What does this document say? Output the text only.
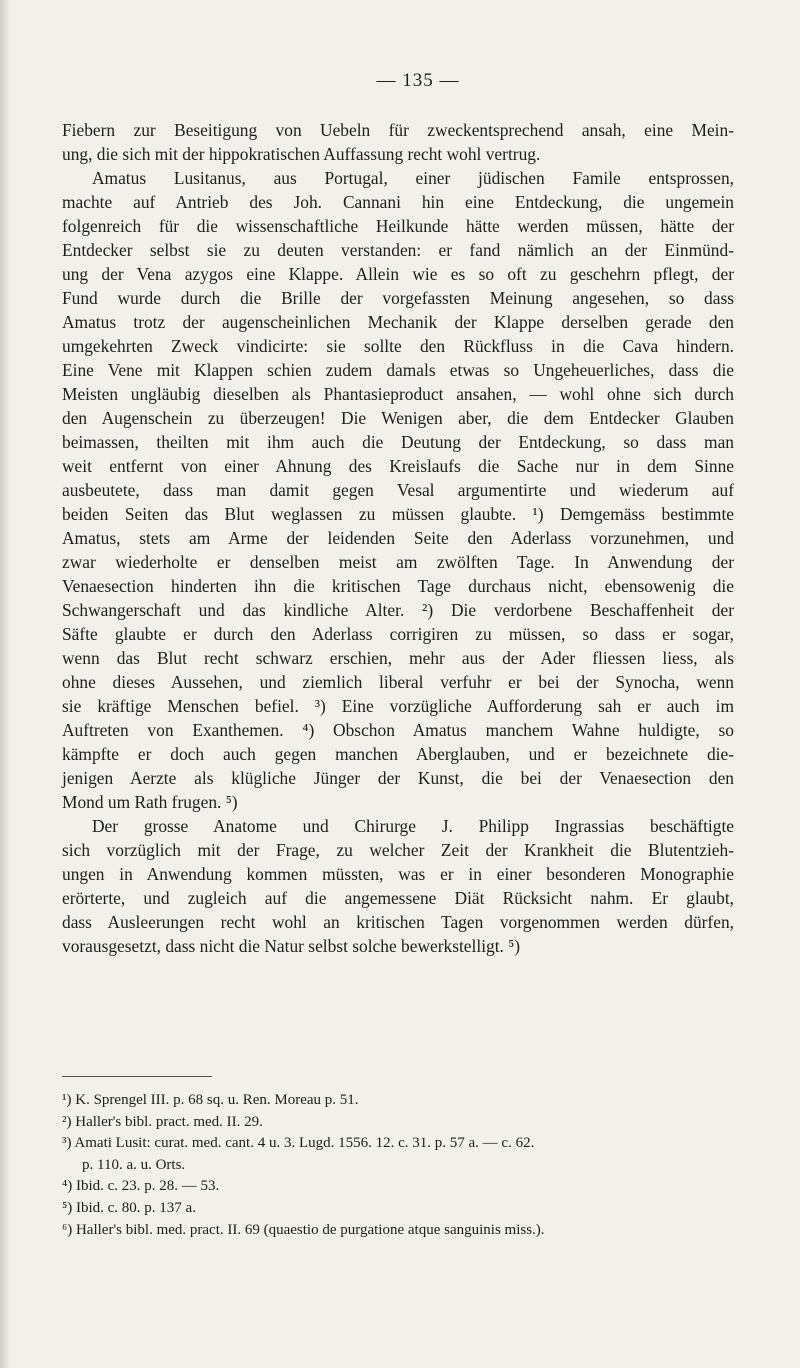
— 135 —
Fiebern zur Beseitigung von Uebeln für zweckentsprechend ansah, eine Mein-
ung, die sich mit der hippokratischen Auffassung recht wohl vertrug.
Amatus Lusitanus, aus Portugal, einer jüdischen Famile entsprossen,
machte auf Antrieb des Joh. Cannani hin eine Entdeckung, die ungemein
folgenreich für die wissenschaftliche Heilkunde hätte werden müssen, hätte der
Entdecker selbst sie zu deuten verstanden: er fand nämlich an der Einmünd-
ung der Vena azygos eine Klappe. Allein wie es so oft zu geschehrn pflegt, der
Fund wurde durch die Brille der vorgefassten Meinung angesehen, so dass
Amatus trotz der augenscheinlichen Mechanik der Klappe derselben gerade den
umgekehrten Zweck vindicirte: sie sollte den Rückfluss in die Cava hindern.
Eine Vene mit Klappen schien zudem damals etwas so Ungeheuerliches, dass die
Meisten ungläubig dieselben als Phantasieproduct ansahen, — wohl ohne sich durch
den Augenschein zu überzeugen! Die Wenigen aber, die dem Entdecker Glauben
beimassen, theilten mit ihm auch die Deutung der Entdeckung, so dass man
weit entfernt von einer Ahnung des Kreislaufs die Sache nur in dem Sinne
ausbeutete, dass man damit gegen Vesal argumentirte und wiederum auf
beiden Seiten das Blut weglassen zu müssen glaubte. ¹) Demgemäss bestimmte
Amatus, stets am Arme der leidenden Seite den Aderlass vorzunehmen, und
zwar wiederholte er denselben meist am zwölften Tage. In Anwendung der
Venaesection hinderten ihn die kritischen Tage durchaus nicht, ebensowenig die
Schwangerschaft und das kindliche Alter. ²) Die verdorbene Beschaffenheit der
Säfte glaubte er durch den Aderlass corrigiren zu müssen, so dass er sogar,
wenn das Blut recht schwarz erschien, mehr aus der Ader fliessen liess, als
ohne dieses Aussehen, und ziemlich liberal verfuhr er bei der Synocha, wenn
sie kräftige Menschen befiel. ³) Eine vorzügliche Aufforderung sah er auch im
Auftreten von Exanthemen. ⁴) Obschon Amatus manchem Wahne huldigte, so
kämpfte er doch auch gegen manchen Aberglauben, und er bezeichnete die-
jenigen Aerzte als klügliche Jünger der Kunst, die bei der Venaesection den
Mond um Rath frugen. ⁵)
Der grosse Anatome und Chirurge J. Philipp Ingrassias beschäftigte
sich vorzüglich mit der Frage, zu welcher Zeit der Krankheit die Blutentzieh-
ungen in Anwendung kommen müssten, was er in einer besonderen Monographie
erörterte, und zugleich auf die angemessene Diät Rücksicht nahm. Er glaubt,
dass Ausleerungen recht wohl an kritischen Tagen vorgenommen werden dürfen,
vorausgesetzt, dass nicht die Natur selbst solche bewerkstelligt. ⁵)
¹) K. Sprengel III. p. 68 sq. u. Ren. Moreau p. 51.
²) Haller's bibl. pract. med. II. 29.
³) Amati Lusit: curat. med. cant. 4 u. 3. Lugd. 1556. 12. c. 31. p. 57 a. — c. 62.
p. 110. a. u. Orts.
⁴) Ibid. c. 23. p. 28. — 53.
⁵) Ibid. c. 80. p. 137 a.
⁶) Haller's bibl. med. pract. II. 69 (quaestio de purgatione atque sanguinis miss.).
